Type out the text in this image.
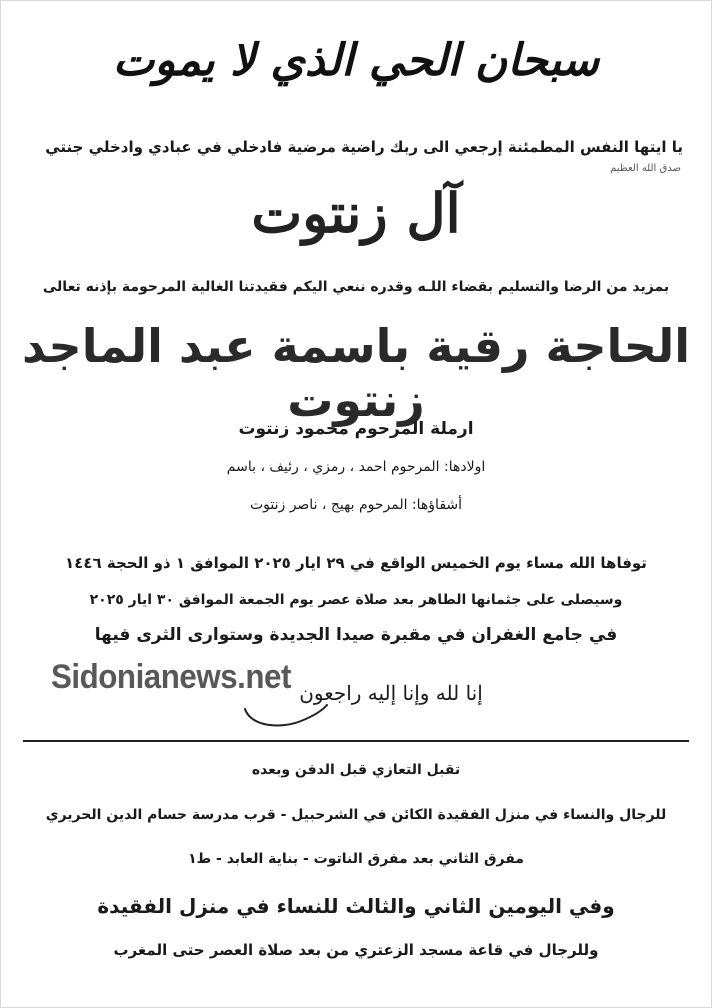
سبحان الحي الذي لا يموت
يا ايتها النفس المطمئنة إرجعي الى ربك راضية مرضية فادخلي في عبادي وادخلي جنتي
صدق الله العظيم
آل زنتوت
بمزيد من الرضا والتسليم بقضاء اللـه وقدره ننعي اليكم فقيدتنا الغالية المرحومة بإذنه تعالى
الحاجة رقية باسمة عبد الماجد زنتوت
ارملة المرحوم محمود زنتوت
اولادها: المرحوم احمد ، رمزي ، رئيف ، باسم
أشقاؤها: المرحوم بهيج ، ناصر زنتوت
توفاها الله مساء يوم الخميس الواقع في ٢٩ ايار ٢٠٢٥ الموافق ١ ذو الحجة ١٤٤٦
وسيصلى على جثمانها الطاهر بعد صلاة عصر يوم الجمعة الموافق ٣٠ ايار ٢٠٢٥
في جامع الغفران في مقبرة صيدا الجديدة وستوارى الثرى فيها
Sidonianews.net إنا لله وإنا إليه راجعون
تقبل التعازي قبل الدفن وبعده
للرجال والنساء في منزل الفقيدة الكائن في الشرحبيل - قرب مدرسة حسام الدين الحريري
مفرق الثاني بعد مفرق الناتوت - بناية العابد - ط١
وفي اليومين الثاني والثالث للنساء في منزل الفقيدة
وللرجال في قاعة مسجد الزعتري من بعد صلاة العصر حتى المغرب
